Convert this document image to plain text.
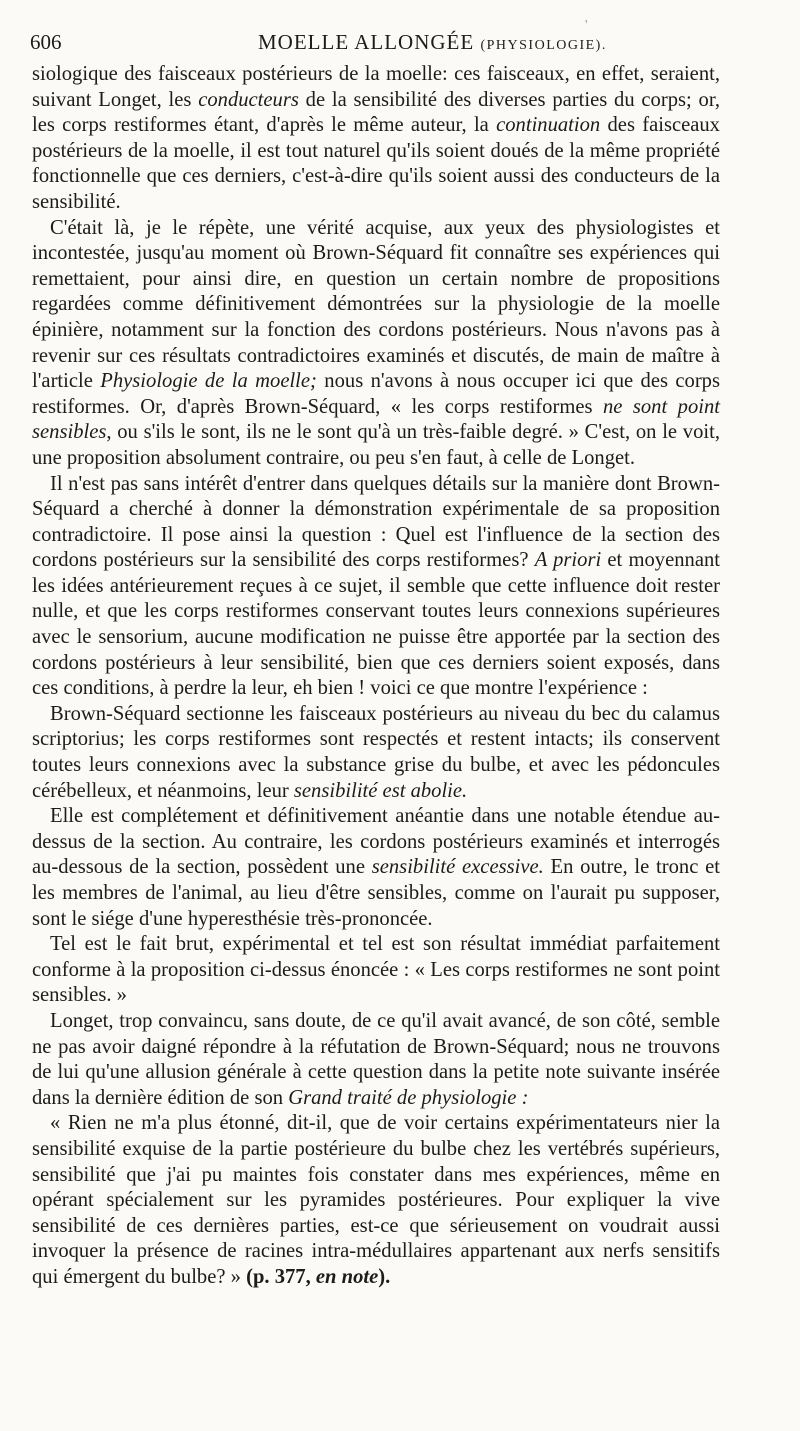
606	MOELLE ALLONGÉE (PHYSIOLOGIE).

siologique des faisceaux postérieurs de la moelle: ces faisceaux, en effet, seraient, suivant Longet, les conducteurs de la sensibilité des diverses parties du corps; or, les corps restiformes étant, d'après le même auteur, la continuation des faisceaux postérieurs de la moelle, il est tout naturel qu'ils soient doués de la même propriété fonctionnelle que ces derniers, c'est-à-dire qu'ils soient aussi des conducteurs de la sensibilité.

C'était là, je le répète, une vérité acquise, aux yeux des physiologistes et incontestée, jusqu'au moment où Brown-Séquard fit connaître ses expériences qui remettaient, pour ainsi dire, en question un certain nombre de propositions regardées comme définitivement démontrées sur la physiologie de la moelle épinière, notamment sur la fonction des cordons postérieurs. Nous n'avons pas à revenir sur ces résultats contradictoires examinés et discutés, de main de maître à l'article Physiologie de la moelle; nous n'avons à nous occuper ici que des corps restiformes. Or, d'après Brown-Séquard, « les corps restiformes ne sont point sensibles, ou s'ils le sont, ils ne le sont qu'à un très-faible degré. » C'est, on le voit, une proposition absolument contraire, ou peu s'en faut, à celle de Longet.

Il n'est pas sans intérêt d'entrer dans quelques détails sur la manière dont Brown-Séquard a cherché à donner la démonstration expérimentale de sa proposition contradictoire. Il pose ainsi la question : Quel est l'influence de la section des cordons postérieurs sur la sensibilité des corps restiformes? A priori et moyennant les idées antérieurement reçues à ce sujet, il semble que cette influence doit rester nulle, et que les corps restiformes conservant toutes leurs connexions supérieures avec le sensorium, aucune modification ne puisse être apportée par la section des cordons postérieurs à leur sensibilité, bien que ces derniers soient exposés, dans ces conditions, à perdre la leur, eh bien ! voici ce que montre l'expérience :

Brown-Séquard sectionne les faisceaux postérieurs au niveau du bec du calamus scriptorius; les corps restiformes sont respectés et restent intacts; ils conservent toutes leurs connexions avec la substance grise du bulbe, et avec les pédoncules cérébelleux, et néanmoins, leur sensibilité est abolie.

Elle est complétement et définitivement anéantie dans une notable étendue au-dessus de la section. Au contraire, les cordons postérieurs examinés et interrogés au-dessous de la section, possèdent une sensibilité excessive. En outre, le tronc et les membres de l'animal, au lieu d'être sensibles, comme on l'aurait pu supposer, sont le siége d'une hyperesthésie très-prononcée.

Tel est le fait brut, expérimental et tel est son résultat immédiat parfaitement conforme à la proposition ci-dessus énoncée : « Les corps restiformes ne sont point sensibles. »

Longet, trop convaincu, sans doute, de ce qu'il avait avancé, de son côté, semble ne pas avoir daigné répondre à la réfutation de Brown-Séquard; nous ne trouvons de lui qu'une allusion générale à cette question dans la petite note suivante insérée dans la dernière édition de son Grand traité de physiologie :

« Rien ne m'a plus étonné, dit-il, que de voir certains expérimentateurs nier la sensibilité exquise de la partie postérieure du bulbe chez les vertébrés supérieurs, sensibilité que j'ai pu maintes fois constater dans mes expériences, même en opérant spécialement sur les pyramides postérieures. Pour expliquer la vive sensibilité de ces dernières parties, est-ce que sérieusement on voudrait aussi invoquer la présence de racines intra-médullaires appartenant aux nerfs sensitifs qui émergent du bulbe? » (p. 377, en note).

'
